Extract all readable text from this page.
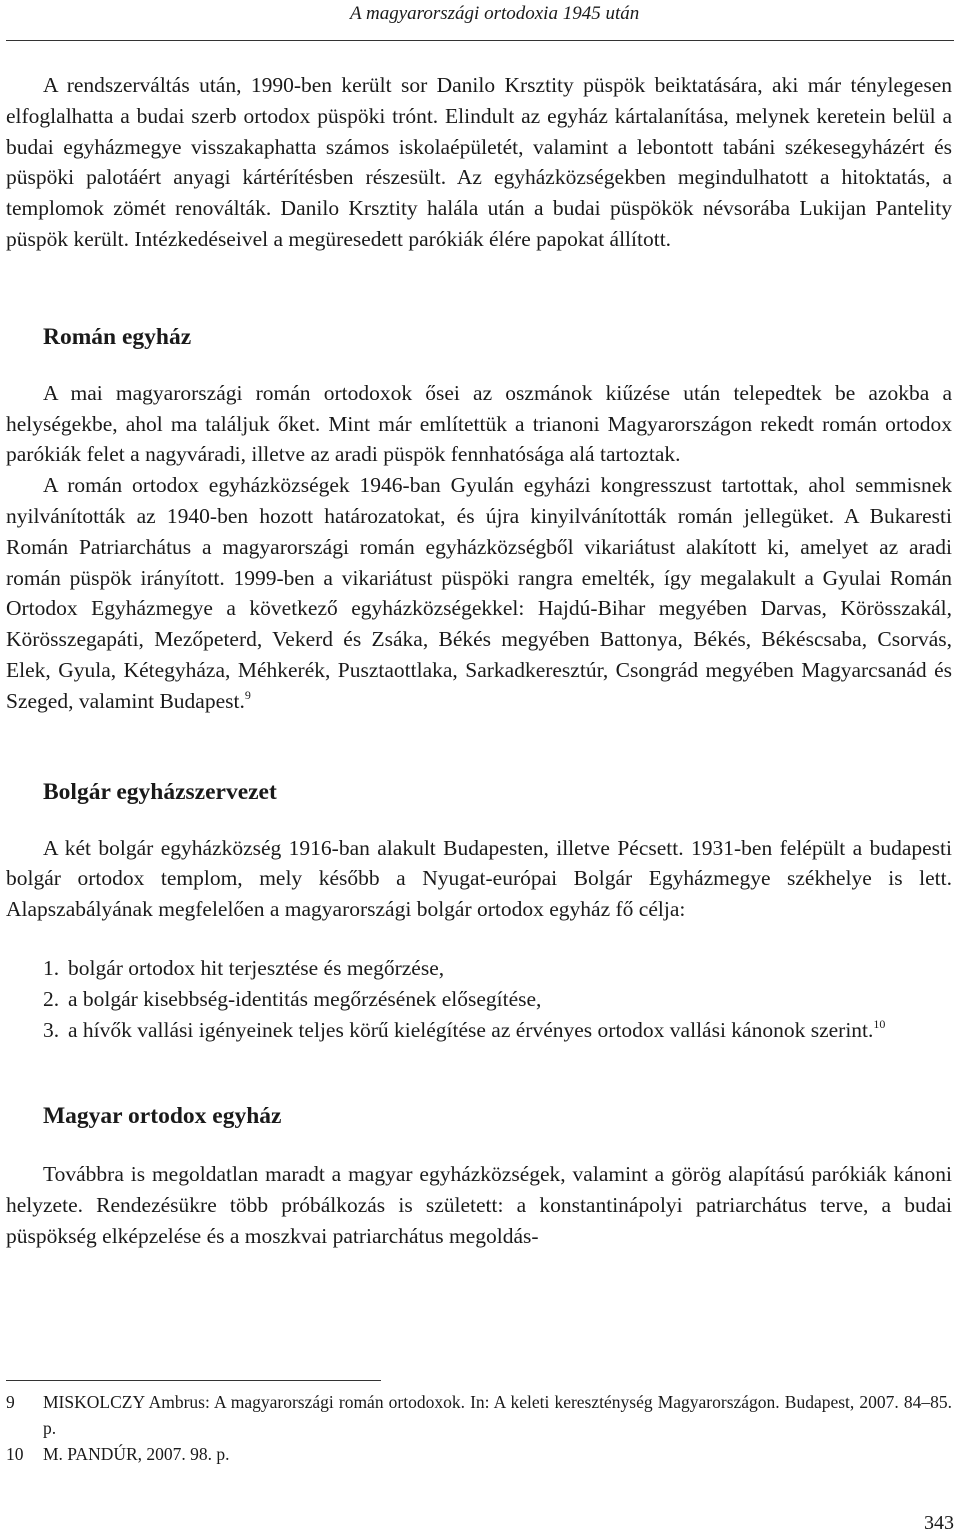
A magyarországi ortodoxia 1945 után

A rendszerváltás után, 1990-ben került sor Danilo Krsztity püspök beiktatására, aki már ténylegesen elfoglalhatta a budai szerb ortodox püspöki trónt. Elindult az egyház kártalanítása, melynek keretein belül a budai egyházmegye visszakaphatta számos iskolaépületét, valamint a lebontott tabáni székesegyházért és püspöki palotáért anyagi kártérítésben részesült. Az egyházközségekben megindulhatott a hitoktatás, a templomok zömét renoválták. Danilo Krsztity halála után a budai püspökök névsorába Lukijan Pantelity püspök került. Intézkedéseivel a megüresedett parókiák élére papokat állított.

Román egyház

A mai magyarországi román ortodoxok ősei az oszmánok kiűzése után telepedtek be azokba a helységekbe, ahol ma találjuk őket. Mint már említettük a trianoni Magyarországon rekedt román ortodox parókiák felet a nagyváradi, illetve az aradi püspök fennhatósága alá tartoztak.

A román ortodox egyházközségek 1946-ban Gyulán egyházi kongresszust tartottak, ahol semmisnek nyilvánították az 1940-ben hozott határozatokat, és újra kinyilvánították román jellegüket. A Bukaresti Román Patriarchátus a magyarországi román egyházközségből vikariátust alakított ki, amelyet az aradi román püspök irányított. 1999-ben a vikariátust püspöki rangra emelték, így megalakult a Gyulai Román Ortodox Egyházmegye a következő egyházközségekkel: Hajdú-Bihar megyében Darvas, Körösszakál, Körösszegapáti, Mezőpeterd, Vekerd és Zsáka, Békés megyében Battonya, Békés, Békéscsaba, Csorvás, Elek, Gyula, Kétegyháza, Méhkerék, Pusztaottlaka, Sarkadkeresztúr, Csongrád megyében Magyarcsanád és Szeged, valamint Budapest.$^9$

Bolgár egyházszervezet

A két bolgár egyházközség 1916-ban alakult Budapesten, illetve Pécsett. 1931-ben felépült a budapesti bolgár ortodox templom, mely később a Nyugat-európai Bolgár Egyházmegye székhelye is lett. Alapszabályának megfelelően a magyarországi bolgár ortodox egyház fő célja:

1. bolgár ortodox hit terjesztése és megőrzése,
2. a bolgár kisebbség-identitás megőrzésének elősegítése,
3. a hívők vallási igényeinek teljes körű kielégítése az érvényes ortodox vallási kánonok szerint.$^{10}$
Magyar ortodox egyház

Továbbra is megoldatlan maradt a magyar egyházközségek, valamint a görög alapítású parókiák kánoni helyzete. Rendezésükre több próbálkozás is született: a konstantinápolyi patriarchátus terve, a budai püspökség elképzelése és a moszkvai patriarchátus megoldás-

9 MISKOLCZY Ambrus: A magyarországi román ortodoxok. In: A keleti kereszténység Magyarországon. Budapest, 2007. 84–85. p.
10 M. PANDÚR, 2007. 98. p.
343
